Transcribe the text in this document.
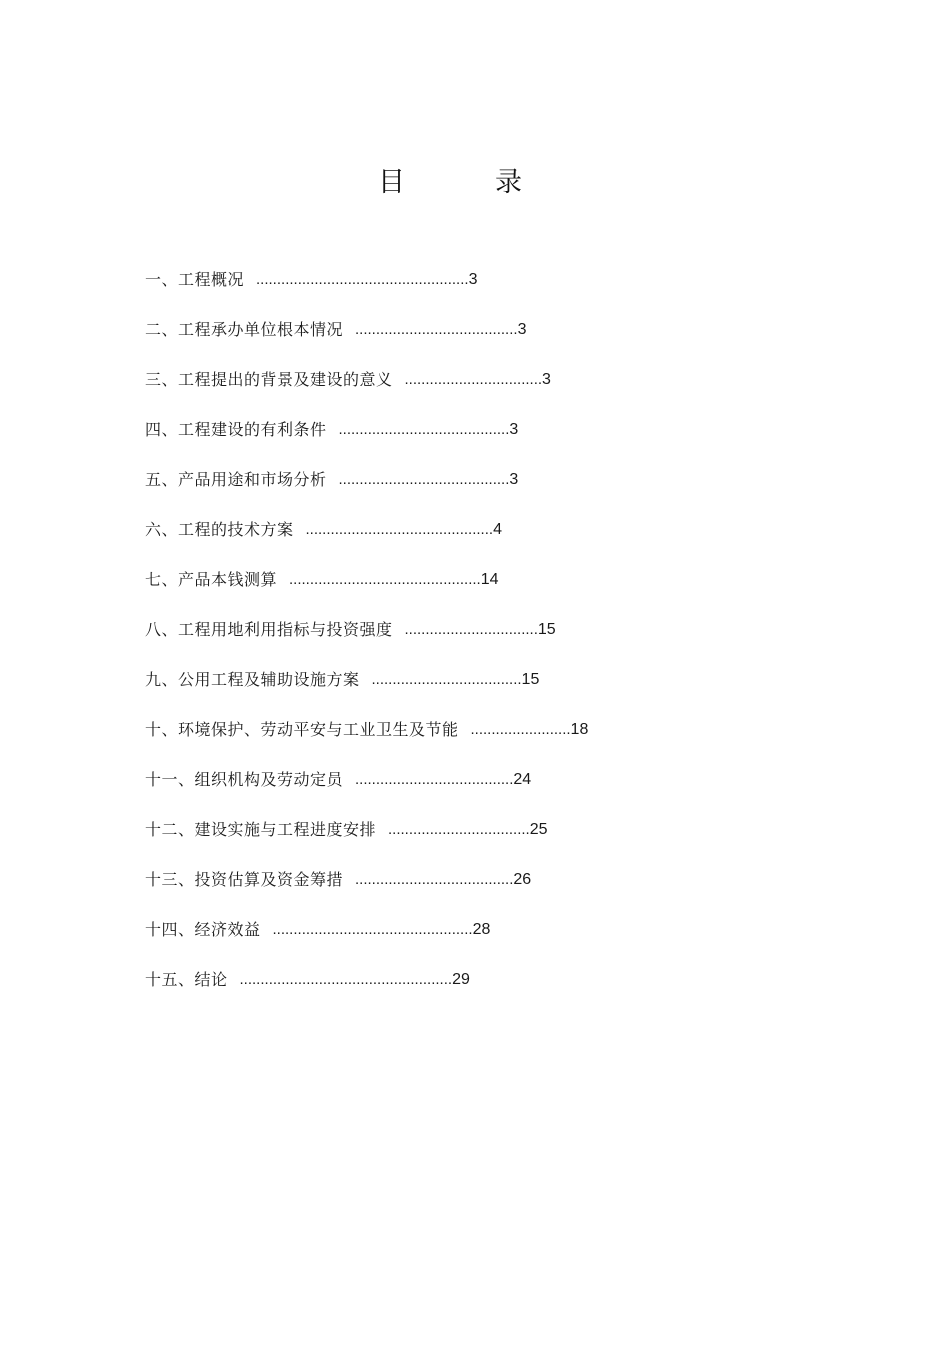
目	录
一、工程概况 ................................................... 3
二、工程承办单位根本情况 ....................................... 3
三、工程提出的背景及建设的意义 ................................. 3
四、工程建设的有利条件 ......................................... 3
五、产品用途和市场分析 ......................................... 3
六、工程的技术方案 ............................................. 4
七、产品本钱测算 .............................................. 14
八、工程用地利用指标与投资强度 ................................ 15
九、公用工程及辅助设施方案 .................................... 15
十、环境保护、劳动平安与工业卫生及节能 ........................ 18
十一、组织机构及劳动定员 ...................................... 24
十二、建设实施与工程进度安排 .................................. 25
十三、投资估算及资金筹措 ...................................... 26
十四、经济效益 ................................................ 28
十五、结论 ................................................... 29
